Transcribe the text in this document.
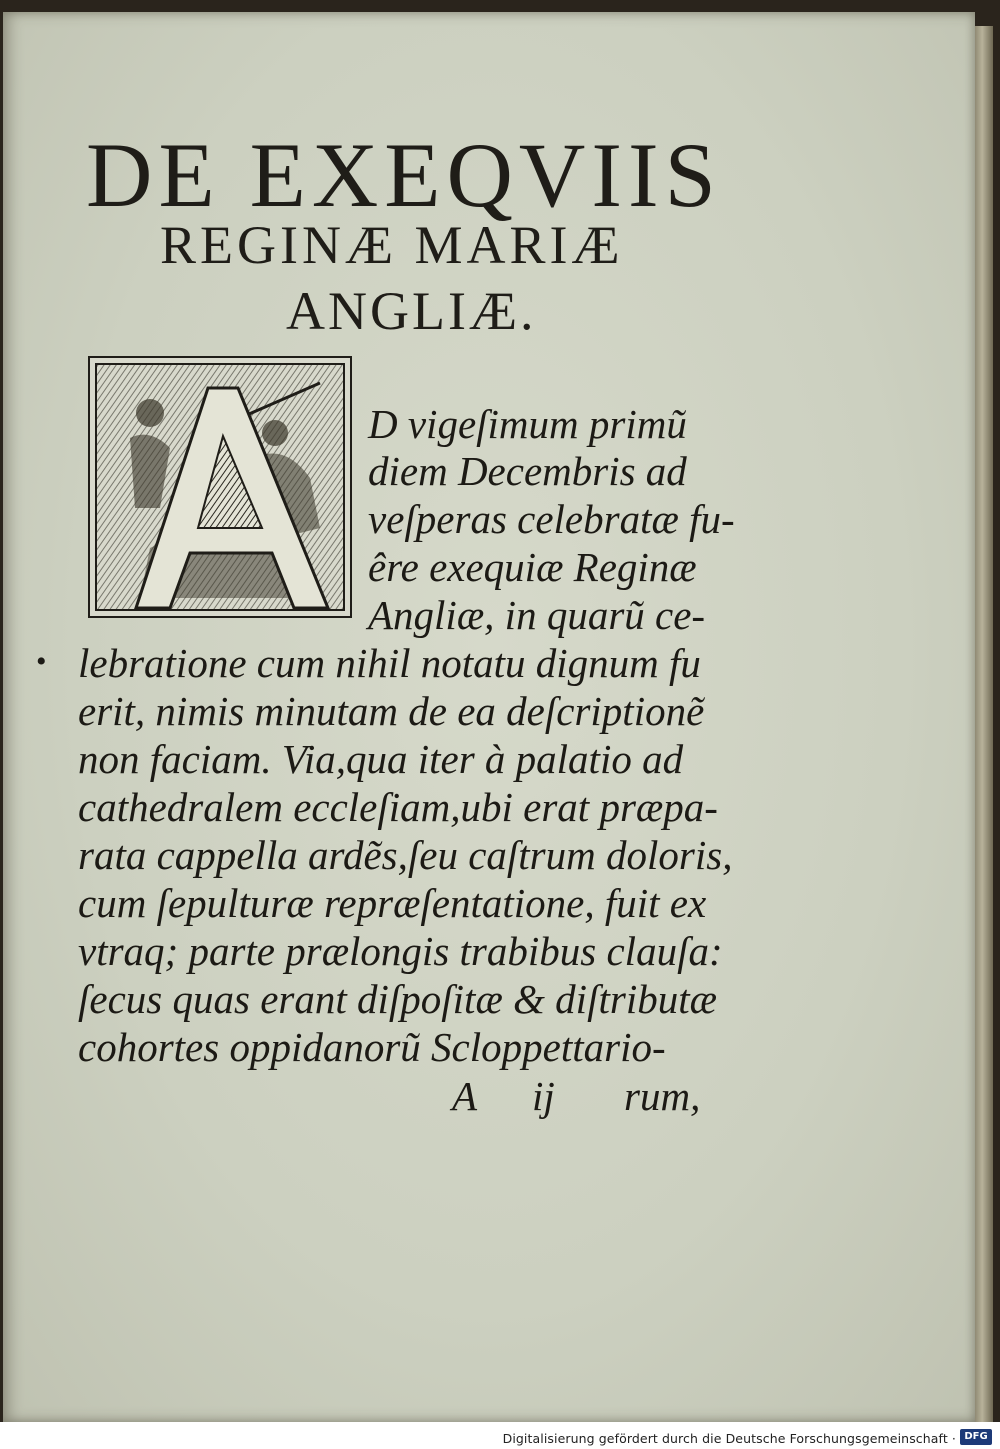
DE EXEQVIIS
REGINÆ MARIÆ
ANGLIÆ.
D vigeſimum primũ
diem Decembris ad
veſperas celebratæ fu-
êre exequiæ Reginæ
Angliæ, in quarũ ce-
• lebratione cum nihil notatu dignum fu
erit, nimis minutam de ea deſcriptionẽ
non faciam. Via,qua iter à palatio ad
cathedralem eccleſiam,ubi erat præpa-
rata cappella ardẽs,ſeu caſtrum doloris,
cum ſepulturæ repræſentatione, fuit ex
vtraq; parte prælongis trabibus clauſa:
ſecus quas erant diſpoſitæ & diſtributæ
cohortes oppidanorũ Scloppettario-
A ij rum,
Digitalisierung gefördert durch die Deutsche Forschungsgemeinschaft · DFG
